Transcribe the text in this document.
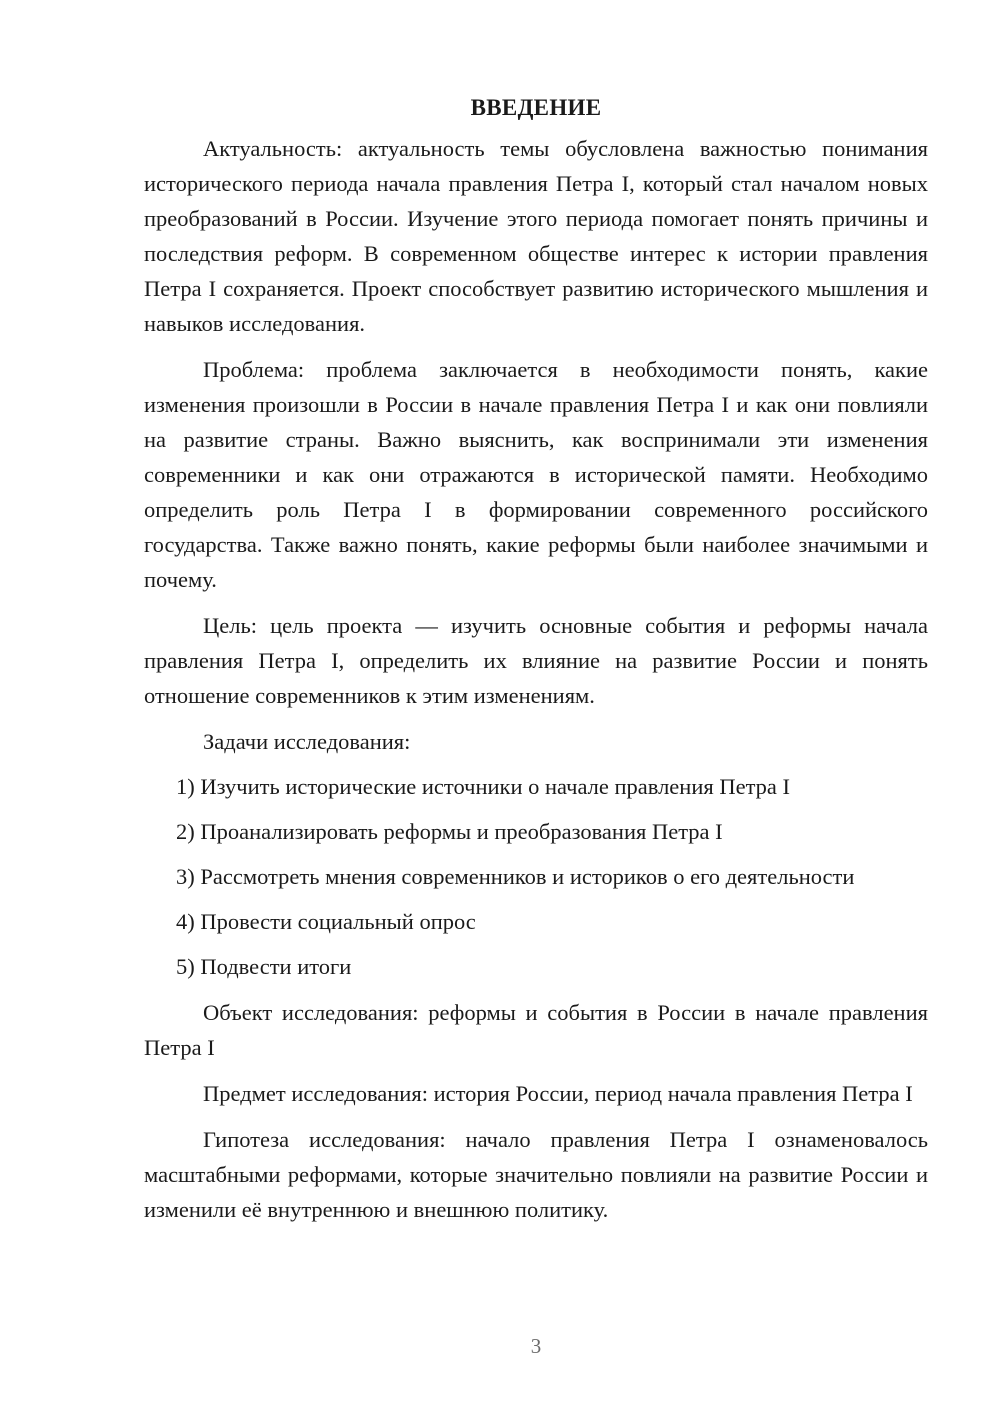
ВВЕДЕНИЕ

Актуальность: актуальность темы обусловлена важностью понимания исторического периода начала правления Петра I, который стал началом новых преобразований в России. Изучение этого периода помогает понять причины и последствия реформ. В современном обществе интерес к истории правления Петра I сохраняется. Проект способствует развитию исторического мышления и навыков исследования.

Проблема: проблема заключается в необходимости понять, какие изменения произошли в России в начале правления Петра I и как они повлияли на развитие страны. Важно выяснить, как воспринимали эти изменения современники и как они отражаются в исторической памяти. Необходимо определить роль Петра I в формировании современного российского государства. Также важно понять, какие реформы были наиболее значимыми и почему.

Цель: цель проекта — изучить основные события и реформы начала правления Петра I, определить их влияние на развитие России и понять отношение современников к этим изменениям.

Задачи исследования:

1) Изучить исторические источники о начале правления Петра I
2) Проанализировать реформы и преобразования Петра I
3) Рассмотреть мнения современников и историков о его деятельности
4) Провести социальный опрос
5) Подвести итоги

Объект исследования: реформы и события в России в начале правления Петра I

Предмет исследования: история России, период начала правления Петра I

Гипотеза исследования: начало правления Петра I ознаменовалось масштабными реформами, которые значительно повлияли на развитие России и изменили её внутреннюю и внешнюю политику.

3
